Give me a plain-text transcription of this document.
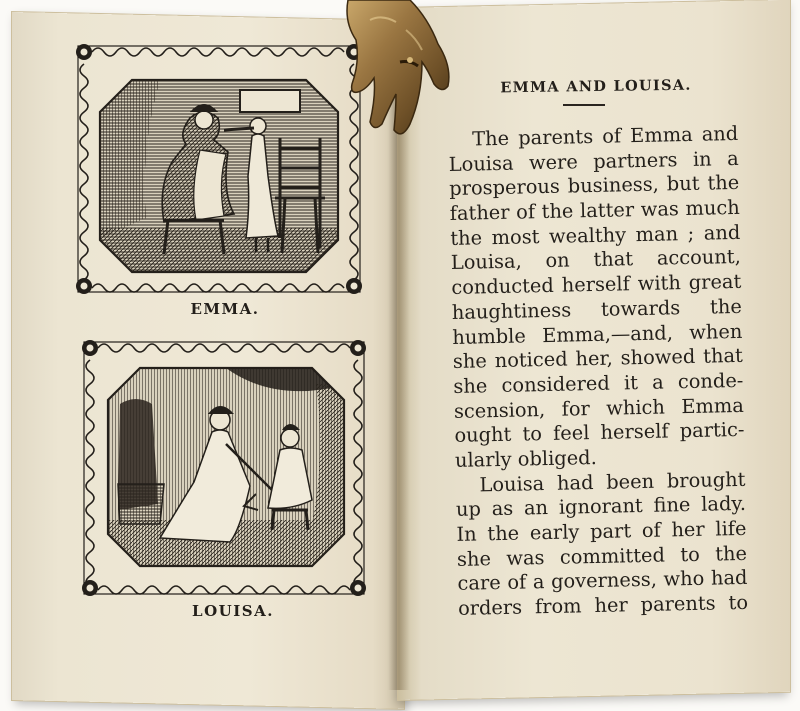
EMMA.
LOUISA.
EMMA AND LOUISA.
The parents of Emma and
Louisa were partners in a
prosperous business, but the
father of the latter was much
the most wealthy man ; and
Louisa, on that account,
conducted herself with great
haughtiness towards the
humble Emma,—and, when
she noticed her, showed that
she considered it a conde-
scension, for which Emma
ought to feel herself partic-
ularly obliged.
Louisa had been brought
up as an ignorant fine lady.
In the early part of her life
she was committed to the
care of a governess, who had
orders from her parents to
